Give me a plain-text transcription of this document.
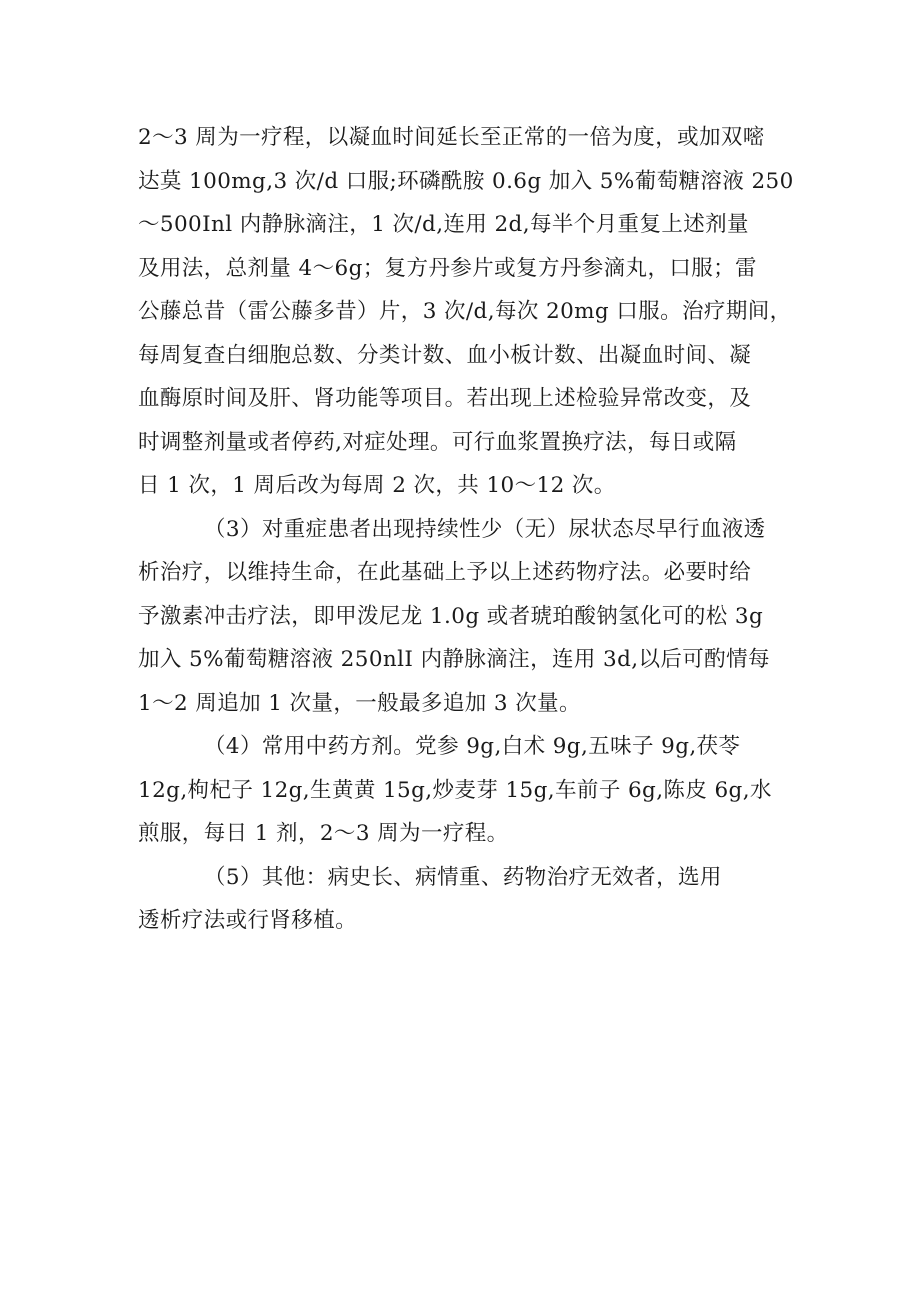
2～3 周为一疗程，以凝血时间延长至正常的一倍为度，或加双嘧
达莫 100mg,3 次/d 口服;环磷酰胺 0.6g 加入 5%葡萄糖溶液 250
～500Inl 内静脉滴注，1 次/d,连用 2d,每半个月重复上述剂量
及用法，总剂量 4～6g；复方丹参片或复方丹参滴丸，口服；雷
公藤总昔（雷公藤多昔）片，3 次/d,每次 20mg 口服。治疗期间，
每周复查白细胞总数、分类计数、血小板计数、出凝血时间、凝
血酶原时间及肝、肾功能等项目。若出现上述检验异常改变，及
时调整剂量或者停药,对症处理。可行血浆置换疗法，每日或隔
日 1 次，1 周后改为每周 2 次，共 10～12 次。
（3）对重症患者出现持续性少（无）尿状态尽早行血液透
析治疗，以维持生命，在此基础上予以上述药物疗法。必要时给
予激素冲击疗法，即甲泼尼龙 1.0g 或者琥珀酸钠氢化可的松 3g
加入 5%葡萄糖溶液 250nlI 内静脉滴注，连用 3d,以后可酌情每
1～2 周追加 1 次量，一般最多追加 3 次量。
（4）常用中药方剂。党参 9g,白术 9g,五味子 9g,茯苓
12g,枸杞子 12g,生黄黄 15g,炒麦芽 15g,车前子 6g,陈皮 6g,水
煎服，每日 1 剂，2～3 周为一疗程。
（5）其他：病史长、病情重、药物治疗无效者，选用
透析疗法或行肾移植。
